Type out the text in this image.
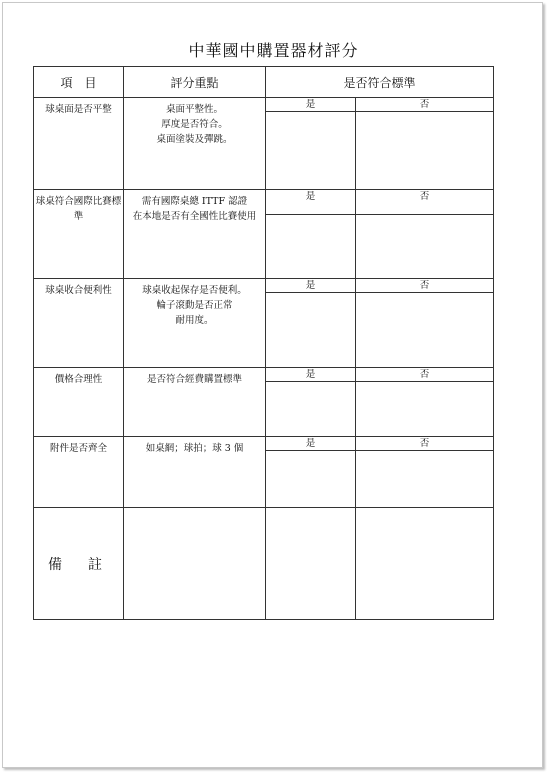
中華國中購置器材評分
項　目	評分重點	是否符合標準	
球桌面是否平整	桌面平整性。
厚度是否符合。
桌面塗裝及彈跳。	是	否

球桌符合國際比賽標準	需有國際桌總 ITTF 認證
在本地是否有全國性比賽使用	是	否

球桌收合便利性	球桌收起保存是否便利。
輪子滾動是否正常
耐用度。	是	否

價格合理性	是否符合經費購置標準	是	否

附件是否齊全	如桌網；球拍；球 3 個	是	否

備 註			
